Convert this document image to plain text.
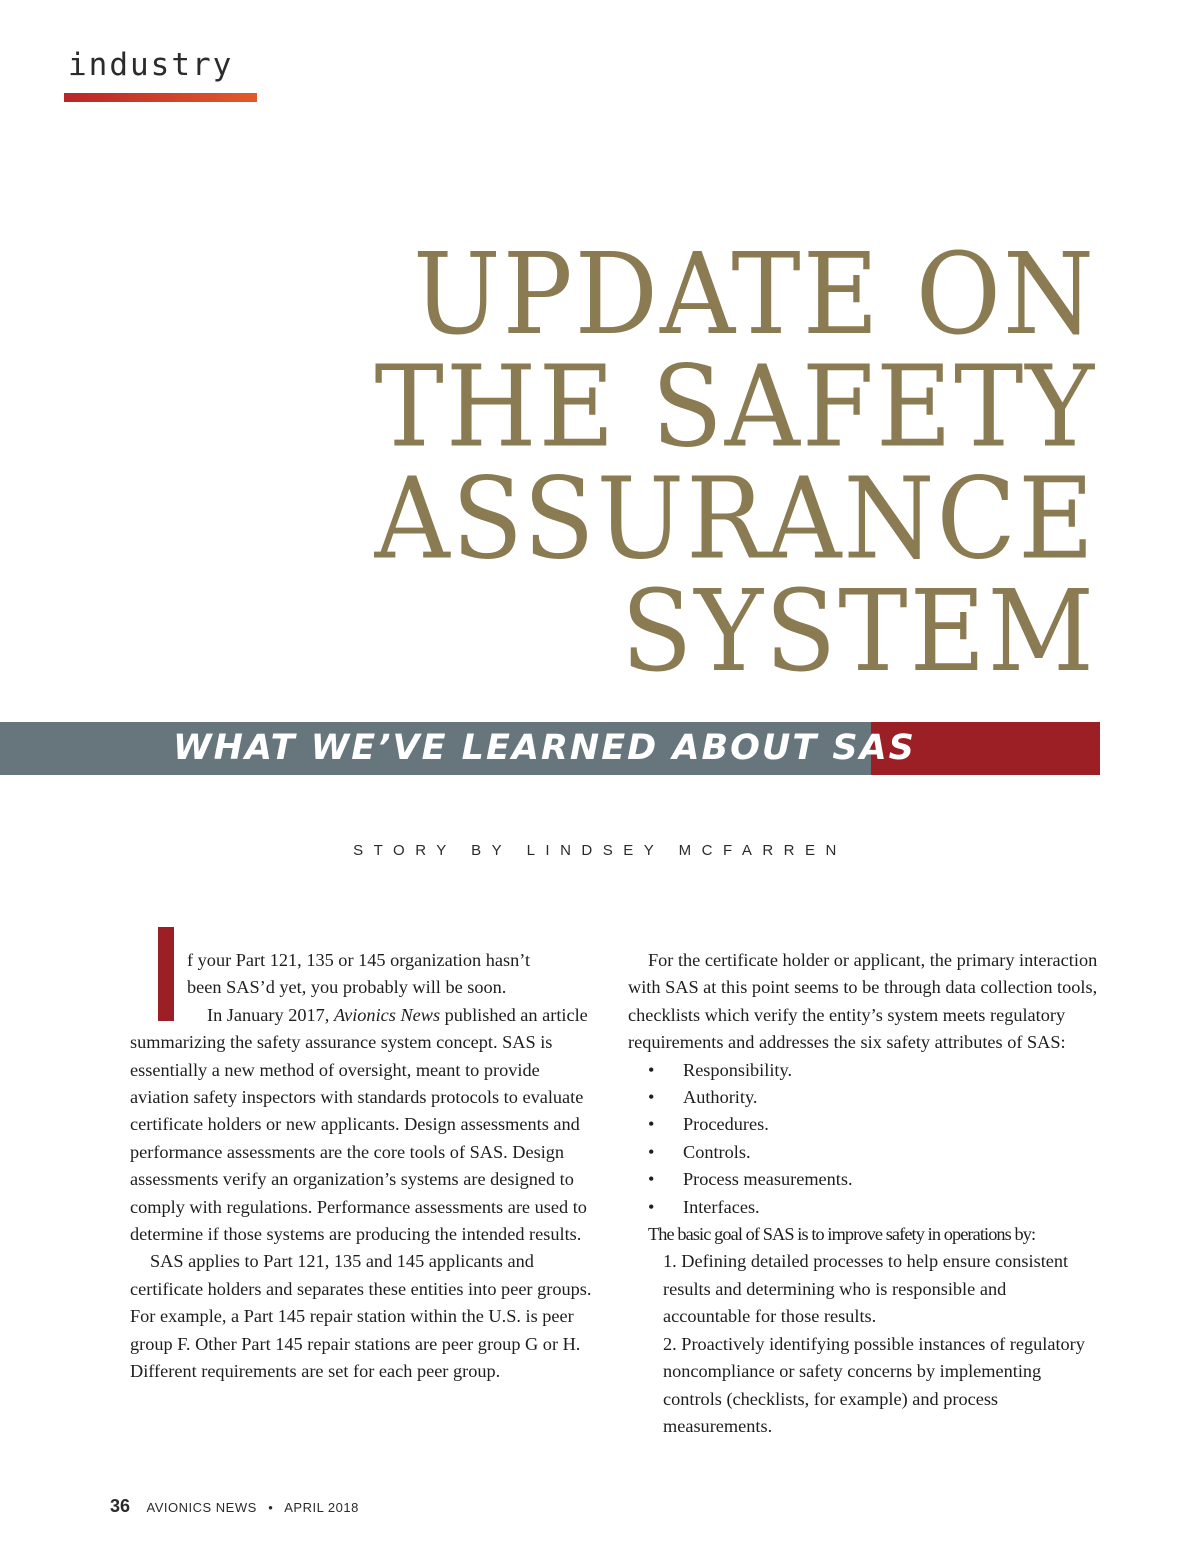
industry
UPDATE ON
THE SAFETY
ASSURANCE
SYSTEM
WHAT WE’VE LEARNED ABOUT SAS
STORY BY LINDSEY MCFARREN
f your Part 121, 135 or 145 organization hasn’t
been SAS’d yet, you probably will be soon.

In January 2017, Avionics News published an article summarizing the safety assurance system concept. SAS is essentially a new method of oversight, meant to provide aviation safety inspectors with standards protocols to evaluate certificate holders or new applicants. Design assessments and performance assessments are the core tools of SAS. Design assessments verify an organization’s systems are designed to comply with regulations. Performance assessments are used to determine if those systems are producing the intended results.

SAS applies to Part 121, 135 and 145 applicants and certificate holders and separates these entities into peer groups. For example, a Part 145 repair station within the U.S. is peer group F. Other Part 145 repair stations are peer group G or H. Different requirements are set for each peer group.

For the certificate holder or applicant, the primary interaction with SAS at this point seems to be through data collection tools, checklists which verify the entity’s system meets regulatory requirements and addresses the six safety attributes of SAS:

• Responsibility.
• Authority.
• Procedures.
• Controls.
• Process measurements.
• Interfaces.

The basic goal of SAS is to improve safety in operations by:

1. Defining detailed processes to help ensure consistent results and determining who is responsible and accountable for those results.

2. Proactively identifying possible instances of regulatory noncompliance or safety concerns by implementing controls (checklists, for example) and process measurements.

36 AVIONICS NEWS • APRIL 2018
